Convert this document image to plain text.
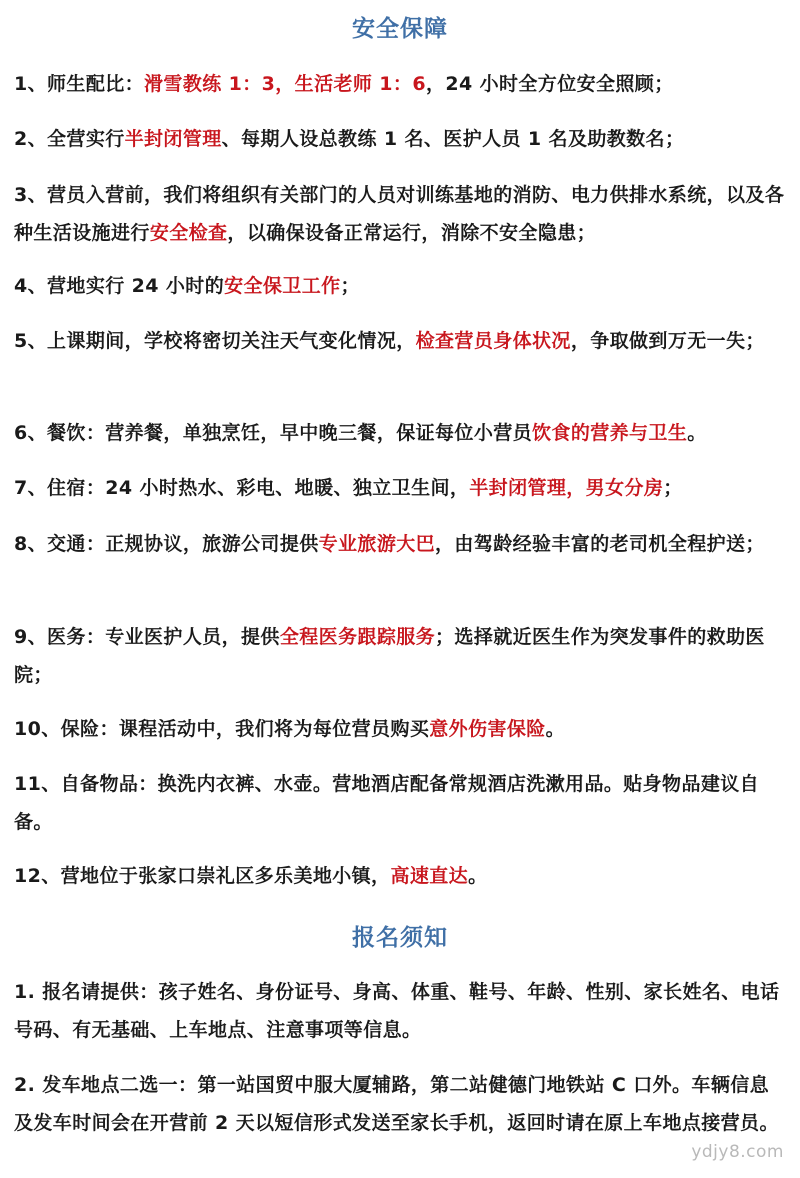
安全保障
1、师生配比：滑雪教练 1：3，生活老师 1：6，24 小时全方位安全照顾；
2、全营实行半封闭管理、每期人设总教练 1 名、医护人员 1 名及助教数名；
3、营员入营前，我们将组织有关部门的人员对训练基地的消防、电力供排水系统，以及各种生活设施进行安全检查，以确保设备正常运行，消除不安全隐患；
4、营地实行 24 小时的安全保卫工作；
5、上课期间，学校将密切关注天气变化情况，检查营员身体状况，争取做到万无一失；
6、餐饮：营养餐，单独烹饪，早中晚三餐，保证每位小营员饮食的营养与卫生。
7、住宿：24 小时热水、彩电、地暖、独立卫生间，半封闭管理，男女分房；
8、交通：正规协议，旅游公司提供专业旅游大巴，由驾龄经验丰富的老司机全程护送；
9、医务：专业医护人员，提供全程医务跟踪服务；选择就近医生作为突发事件的救助医院；
10、保险：课程活动中，我们将为每位营员购买意外伤害保险。
11、自备物品：换洗内衣裤、水壶。营地酒店配备常规酒店洗漱用品。贴身物品建议自备。
12、营地位于张家口崇礼区多乐美地小镇，高速直达。
报名须知
1. 报名请提供：孩子姓名、身份证号、身高、体重、鞋号、年龄、性别、家长姓名、电话号码、有无基础、上车地点、注意事项等信息。
2. 发车地点二选一：第一站国贸中服大厦辅路，第二站健德门地铁站 C 口外。车辆信息及发车时间会在开营前 2 天以短信形式发送至家长手机，返回时请在原上车地点接营员。
ydjy8.com
